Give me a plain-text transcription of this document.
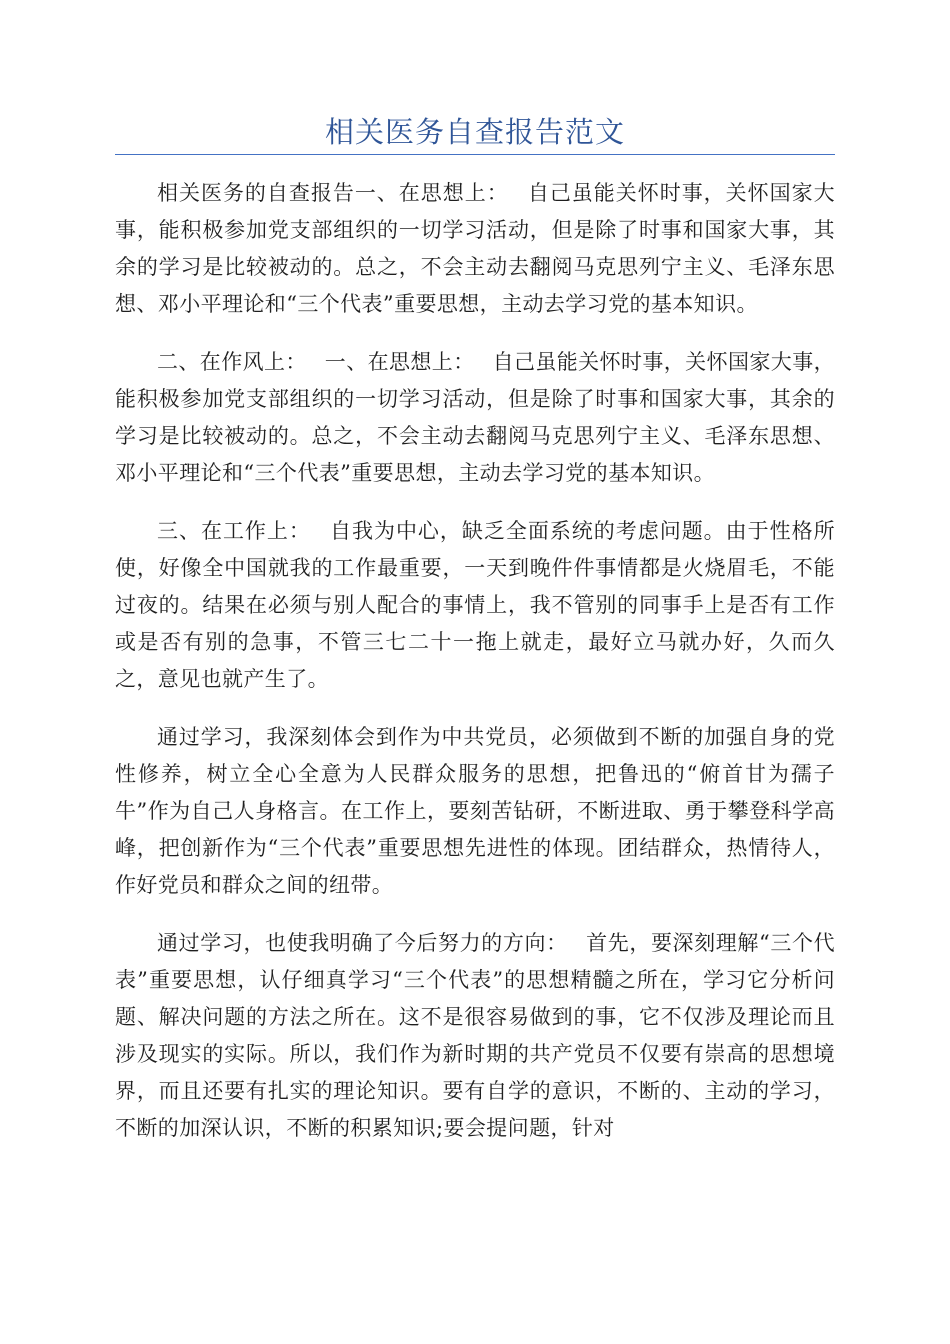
相关医务自查报告范文

相关医务的自查报告一、在思想上：　 自己虽能关怀时事，关怀国家大事，能积极参加党支部组织的一切学习活动，但是除了时事和国家大事，其余的学习是比较被动的。总之，不会主动去翻阅马克思列宁主义、毛泽东思想、邓小平理论和“三个代表”重要思想，主动去学习党的基本知识。

二、在作风上：　 一、在思想上：　 自己虽能关怀时事，关怀国家大事，能积极参加党支部组织的一切学习活动，但是除了时事和国家大事，其余的学习是比较被动的。总之，不会主动去翻阅马克思列宁主义、毛泽东思想、邓小平理论和“三个代表”重要思想，主动去学习党的基本知识。

三、在工作上：　 自我为中心，缺乏全面系统的考虑问题。由于性格所使，好像全中国就我的工作最重要，一天到晚件件事情都是火烧眉毛，不能过夜的。结果在必须与别人配合的事情上，我不管别的同事手上是否有工作或是否有别的急事，不管三七二十一拖上就走，最好立马就办好，久而久之，意见也就产生了。

通过学习，我深刻体会到作为中共党员，必须做到不断的加强自身的党性修养，树立全心全意为人民群众服务的思想，把鲁迅的“俯首甘为孺子牛”作为自己人身格言。在工作上，要刻苦钻研，不断进取、勇于攀登科学高峰，把创新作为“三个代表”重要思想先进性的体现。团结群众，热情待人，作好党员和群众之间的纽带。

通过学习，也使我明确了今后努力的方向：　 首先，要深刻理解“三个代表”重要思想，认仔细真学习“三个代表”的思想精髓之所在，学习它分析问题、解决问题的方法之所在。这不是很容易做到的事，它不仅涉及理论而且涉及现实的实际。所以，我们作为新时期的共产党员不仅要有崇高的思想境界，而且还要有扎实的理论知识。要有自学的意识，不断的、主动的学习，不断的加深认识，不断的积累知识;要会提问题，针对
